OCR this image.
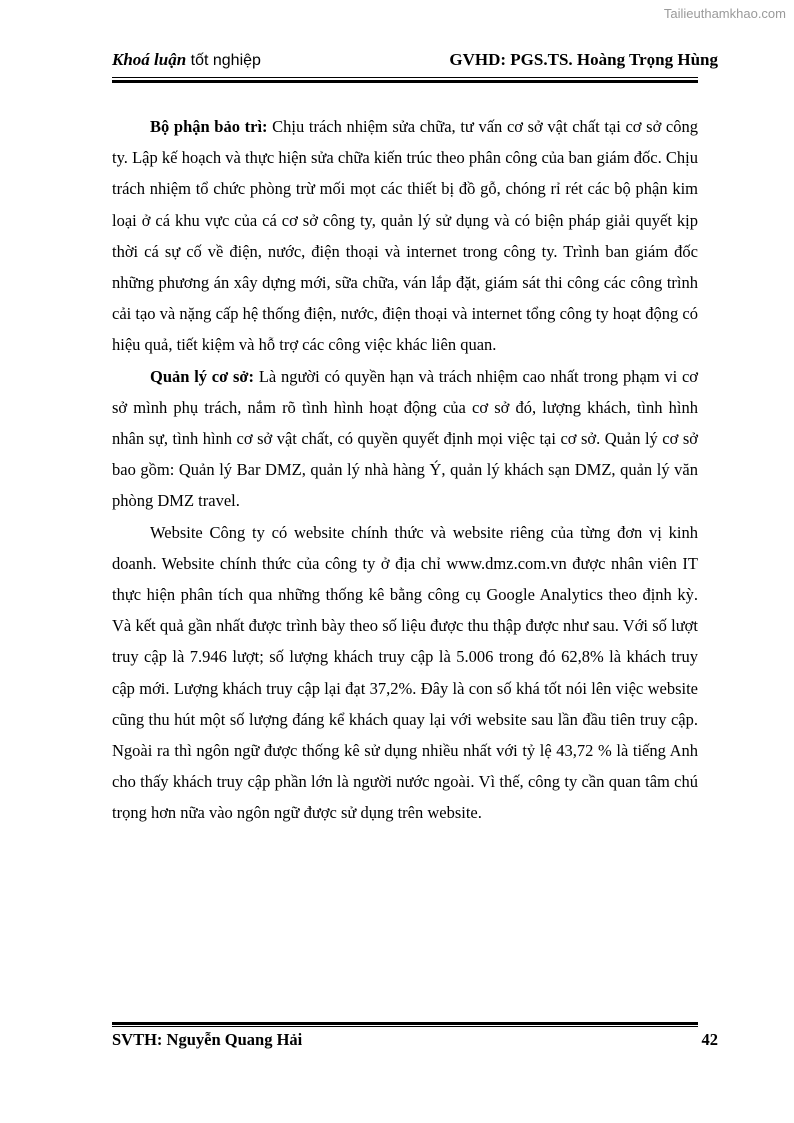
Tailieuthamkhao.com
Khoá luận tốt nghiệp	GVHD: PGS.TS. Hoàng Trọng Hùng

Bộ phận bảo trì: Chịu trách nhiệm sửa chữa, tư vấn cơ sở vật chất tại cơ sở công ty. Lập kế hoạch và thực hiện sửa chữa kiến trúc theo phân công của ban giám đốc. Chịu trách nhiệm tổ chức phòng trừ mối mọt các thiết bị đồ gỗ, chóng rỉ rét các bộ phận kim loại ở cá khu vực của cá cơ sở công ty, quản lý sử dụng và có biện pháp giải quyết kịp thời cá sự cố về điện, nước, điện thoại và internet trong công ty. Trình ban giám đốc những phương án xây dựng mới, sữa chữa, ván lắp đặt, giám sát thi công các công trình cải tạo và nặng cấp hệ thống điện, nước, điện thoại và internet tổng công ty hoạt động có hiệu quả, tiết kiệm và hỗ trợ các công việc khác liên quan.

Quản lý cơ sở: Là người có quyền hạn và trách nhiệm cao nhất trong phạm vi cơ sở mình phụ trách, nắm rõ tình hình hoạt động của cơ sở đó, lượng khách, tình hình nhân sự, tình hình cơ sở vật chất, có quyền quyết định mọi việc tại cơ sở. Quản lý cơ sở bao gồm: Quản lý Bar DMZ, quản lý nhà hàng Ý, quản lý khách sạn DMZ, quản lý văn phòng DMZ travel.

Website Công ty có website chính thức và website riêng của từng đơn vị kinh doanh. Website chính thức của công ty ở địa chỉ www.dmz.com.vn được nhân viên IT thực hiện phân tích qua những thống kê bằng công cụ Google Analytics theo định kỳ. Và kết quả gần nhất được trình bày theo số liệu được thu thập được như sau. Với số lượt truy cập là 7.946 lượt; số lượng khách truy cập là 5.006 trong đó 62,8% là khách truy cập mới. Lượng khách truy cập lại đạt 37,2%. Đây là con số khá tốt nói lên việc website cũng thu hút một số lượng đáng kể khách quay lại với website sau lần đầu tiên truy cập. Ngoài ra thì ngôn ngữ được thống kê sử dụng nhiều nhất với tỷ lệ 43,72 % là tiếng Anh cho thấy khách truy cập phần lớn là người nước ngoài. Vì thế, công ty cần quan tâm chú trọng hơn nữa vào ngôn ngữ được sử dụng trên website.

SVTH: Nguyễn Quang Hải	42
